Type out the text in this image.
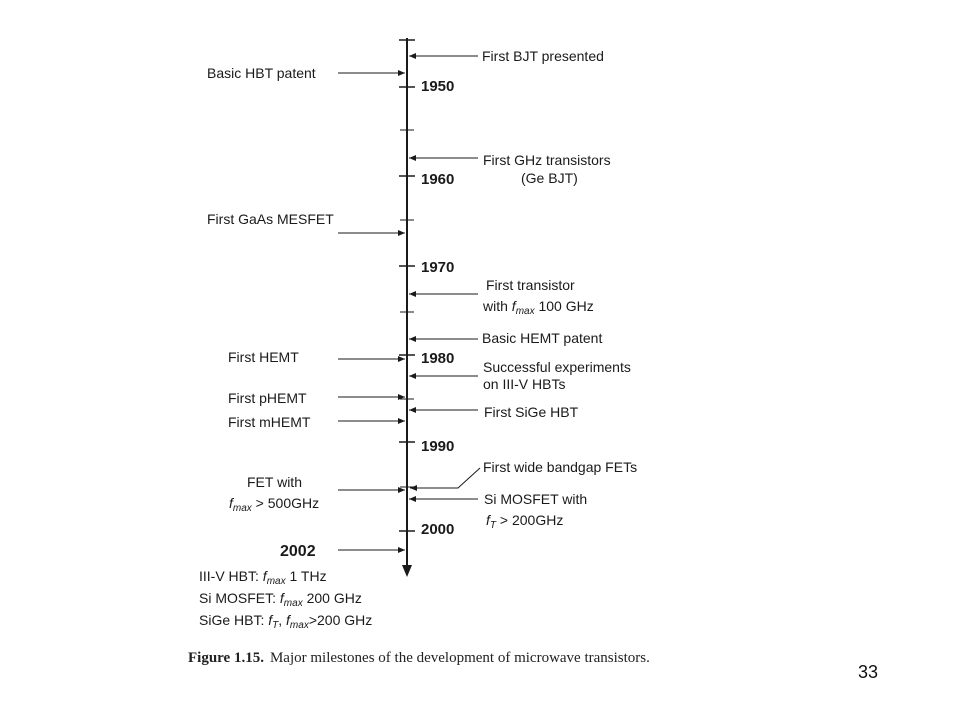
1950
1960
1970
1980
1990
2000
First BJT presented
First GHz transistors
(Ge BJT)
First transistor
with $f_{max}$ 100 GHz
Basic HEMT patent
Successful experiments
on III-V HBTs
First SiGe HBT
First wide bandgap FETs
Si MOSFET with
$f_T > 200GHz$
Basic HBT patent
First GaAs MESFET
First HEMT
First pHEMT
First mHEMT
FET with
$f_{max} > 500GHz$
2002
III-V HBT: $f_{max}$ 1 THz
Si MOSFET: $f_{max}$ 200 GHz
SiGe HBT: $f_T$, $f_{max}>200$ GHz
Figure 1.15. Major milestones of the development of microwave transistors.
33
